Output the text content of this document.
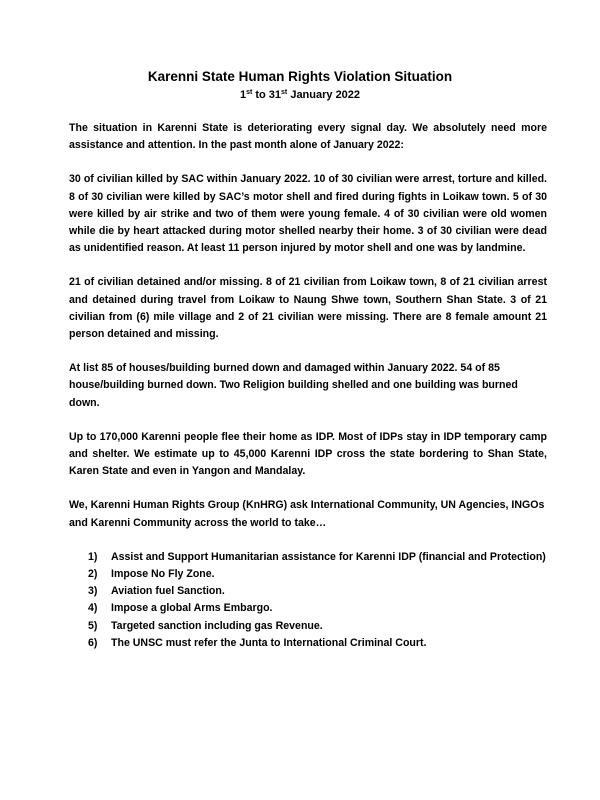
Karenni State Human Rights Violation Situation
1st to 31st January 2022

The situation in Karenni State is deteriorating every signal day. We absolutely need more assistance and attention. In the past month alone of January 2022:

30 of civilian killed by SAC within January 2022. 10 of 30 civilian were arrest, torture and killed. 8 of 30 civilian were killed by SAC’s motor shell and fired during fights in Loikaw town. 5 of 30 were killed by air strike and two of them were young female. 4 of 30 civilian were old women while die by heart attacked during motor shelled nearby their home. 3 of 30 civilian were dead as unidentified reason. At least 11 person injured by motor shell and one was by landmine.

21 of civilian detained and/or missing. 8 of 21 civilian from Loikaw town, 8 of 21 civilian arrest and detained during travel from Loikaw to Naung Shwe town, Southern Shan State. 3 of 21 civilian from (6) mile village and 2 of 21 civilian were missing. There are 8 female amount 21 person detained and missing.

At list 85 of houses/building burned down and damaged within January 2022. 54 of 85 house/building burned down. Two Religion building shelled and one building was burned down.

Up to 170,000 Karenni people flee their home as IDP. Most of IDPs stay in IDP temporary camp and shelter. We estimate up to 45,000 Karenni IDP cross the state bordering to Shan State, Karen State and even in Yangon and Mandalay.

We, Karenni Human Rights Group (KnHRG) ask International Community, UN Agencies, INGOs and Karenni Community across the world to take…

1)	Assist and Support Humanitarian assistance for Karenni IDP (financial and Protection)
2)	Impose No Fly Zone.
3)	Aviation fuel Sanction.
4)	Impose a global Arms Embargo.
5)	Targeted sanction including gas Revenue.
6)	The UNSC must refer the Junta to International Criminal Court.
